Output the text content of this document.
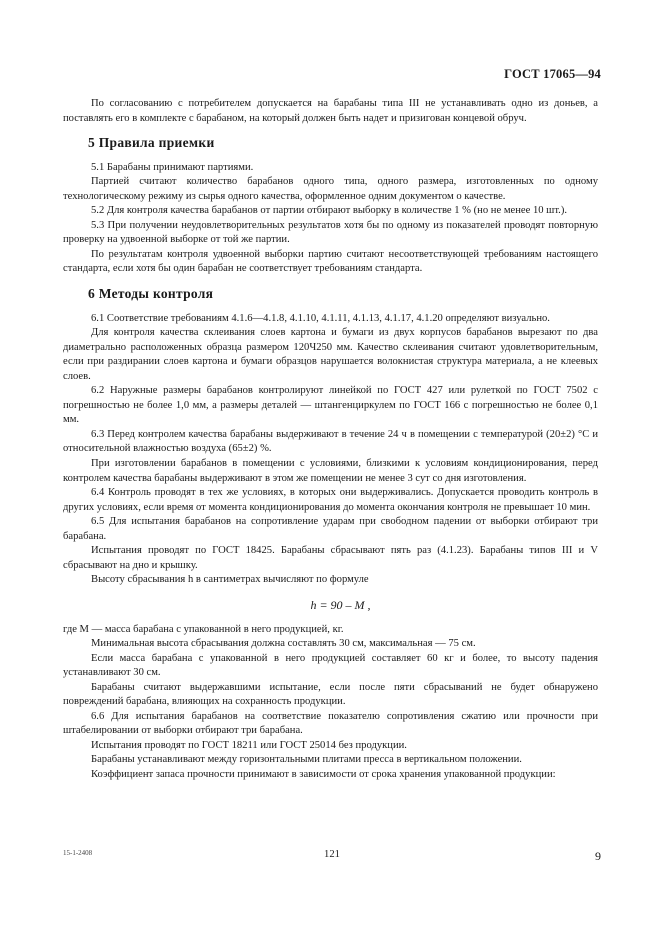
ГОСТ 17065—94

По согласованию с потребителем допускается на барабаны типа III не устанавливать одно из доньев, а поставлять его в комплекте с барабаном, на который должен быть надет и призигован концевой обруч.

5 Правила приемки

5.1 Барабаны принимают партиями.

Партией считают количество барабанов одного типа, одного размера, изготовленных по одному технологическому режиму из сырья одного качества, оформленное одним документом о качестве.

5.2 Для контроля качества барабанов от партии отбирают выборку в количестве 1 % (но не менее 10 шт.).

5.3 При получении неудовлетворительных результатов хотя бы по одному из показателей проводят повторную проверку на удвоенной выборке от той же партии.

По результатам контроля удвоенной выборки партию считают несоответствующей требованиям настоящего стандарта, если хотя бы один барабан не соответствует требованиям стандарта.

6 Методы контроля

6.1 Соответствие требованиям 4.1.6—4.1.8, 4.1.10, 4.1.11, 4.1.13, 4.1.17, 4.1.20 определяют визуально.

Для контроля качества склеивания слоев картона и бумаги из двух корпусов барабанов вырезают по два диаметрально расположенных образца размером 120Ч250 мм. Качество склеивания считают удовлетворительным, если при раздирании слоев картона и бумаги образцов нарушается волокнистая структура материала, а не клеевых слоев.

6.2 Наружные размеры барабанов контролируют линейкой по ГОСТ 427 или рулеткой по ГОСТ 7502 с погрешностью не более 1,0 мм, а размеры деталей — штангенциркулем по ГОСТ 166 с погрешностью не более 0,1 мм.

6.3 Перед контролем качества барабаны выдерживают в течение 24 ч в помещении с температурой (20±2) °С и относительной влажностью воздуха (65±2) %.

При изготовлении барабанов в помещении с условиями, близкими к условиям кондиционирования, перед контролем качества барабаны выдерживают в этом же помещении не менее 3 сут со дня изготовления.

6.4 Контроль проводят в тех же условиях, в которых они выдерживались. Допускается проводить контроль в других условиях, если время от момента кондиционирования до момента окончания контроля не превышает 10 мин.

6.5 Для испытания барабанов на сопротивление ударам при свободном падении от выборки отбирают три барабана.

Испытания проводят по ГОСТ 18425. Барабаны сбрасывают пять раз (4.1.23). Барабаны типов III и V сбрасывают на дно и крышку.

Высоту сбрасывания h в сантиметрах вычисляют по формуле

h = 90 – M ,

где M — масса барабана с упакованной в него продукцией, кг.

Минимальная высота сбрасывания должна составлять 30 см, максимальная — 75 см.

Если масса барабана с упакованной в него продукцией составляет 60 кг и более, то высоту падения устанавливают 30 см.

Барабаны считают выдержавшими испытание, если после пяти сбрасываний не будет обнаружено повреждений барабана, влияющих на сохранность продукции.

6.6 Для испытания барабанов на соответствие показателю сопротивления сжатию или прочности при штабелировании от выборки отбирают три барабана.

Испытания проводят по ГОСТ 18211 или ГОСТ 25014 без продукции.

Барабаны устанавливают между горизонтальными плитами пресса в вертикальном положении.

Коэффициент запаса прочности принимают в зависимости от срока хранения упакованной продукции:

15-1-2408	121	9
